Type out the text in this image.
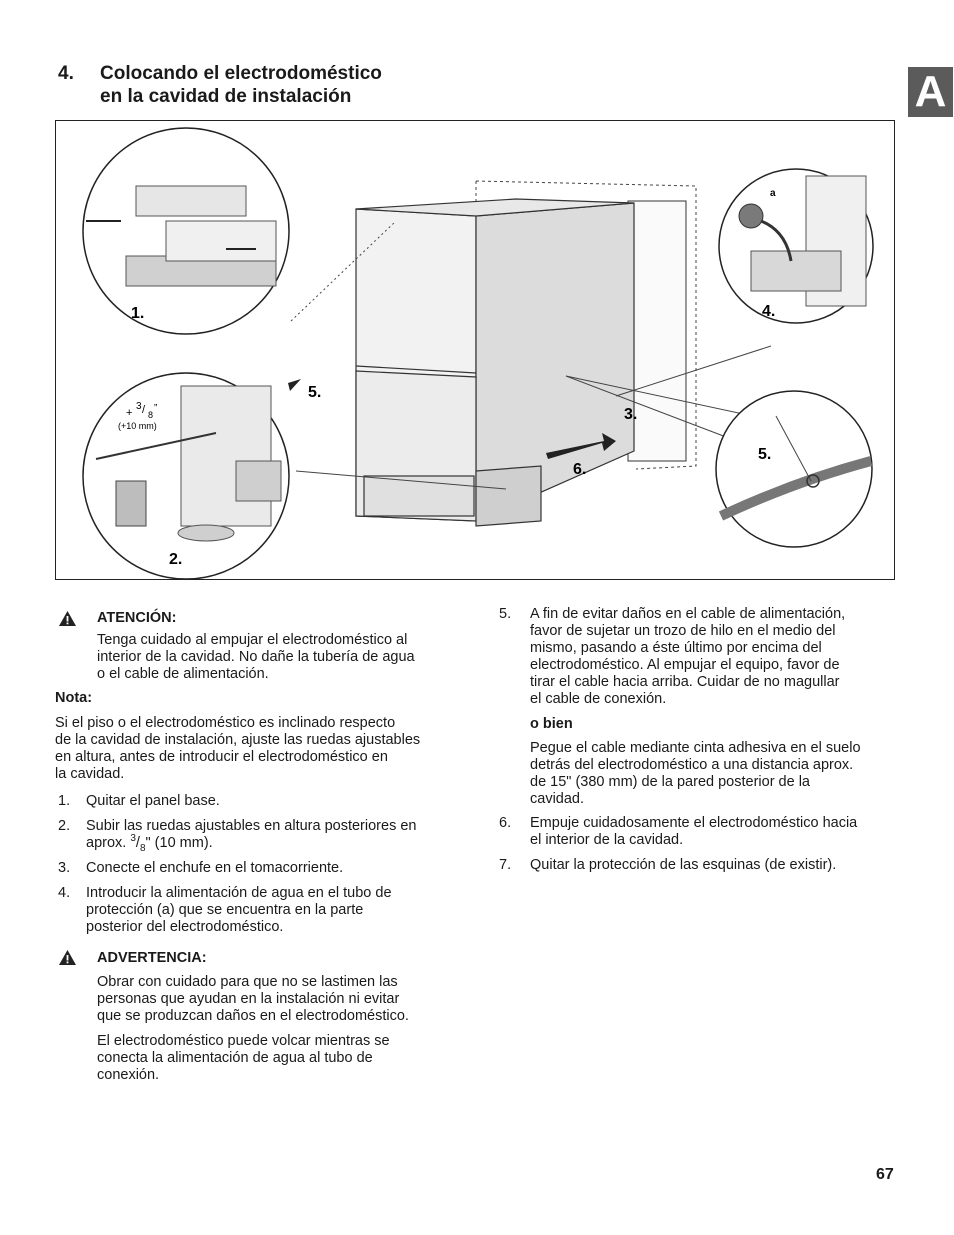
4. Colocando el electrodoméstico
en la cavidad de instalación	A
1.
2.
3.
4.
5.
5.
6.
a
+
3 / 8
”
(+10 mm)
ATENCIÓN:
Tenga cuidado al empujar el electrodoméstico al
interior de la cavidad. No dañe la tubería de agua
o el cable de alimentación.
Nota:
Si el piso o el electrodoméstico es inclinado respecto
de la cavidad de instalación, ajuste las ruedas ajustables
en altura, antes de introducir el electrodoméstico en
la cavidad.
1. Quitar el panel base.
2. Subir las ruedas ajustables en altura posteriores en
aprox. $^3/_8$" (10 mm).
3. Conecte el enchufe en el tomacorriente.
4. Introducir la alimentación de agua en el tubo de
protección (a) que se encuentra en la parte
posterior del electrodoméstico.
ADVERTENCIA:
Obrar con cuidado para que no se lastimen las
personas que ayudan en la instalación ni evitar
que se produzcan daños en el electrodoméstico.
El electrodoméstico puede volcar mientras se
conecta la alimentación de agua al tubo de
conexión.
5. A fin de evitar daños en el cable de alimentación,
favor de sujetar un trozo de hilo en el medio del
mismo, pasando a éste último por encima del
electrodoméstico. Al empujar el equipo, favor de
tirar el cable hacia arriba. Cuidar de no magullar
el cable de conexión.
o bien
Pegue el cable mediante cinta adhesiva en el suelo
detrás del electrodoméstico a una distancia aprox.
de 15" (380 mm) de la pared posterior de la
cavidad.
6. Empuje cuidadosamente el electrodoméstico hacia
el interior de la cavidad.
7. Quitar la protección de las esquinas (de existir).
67
